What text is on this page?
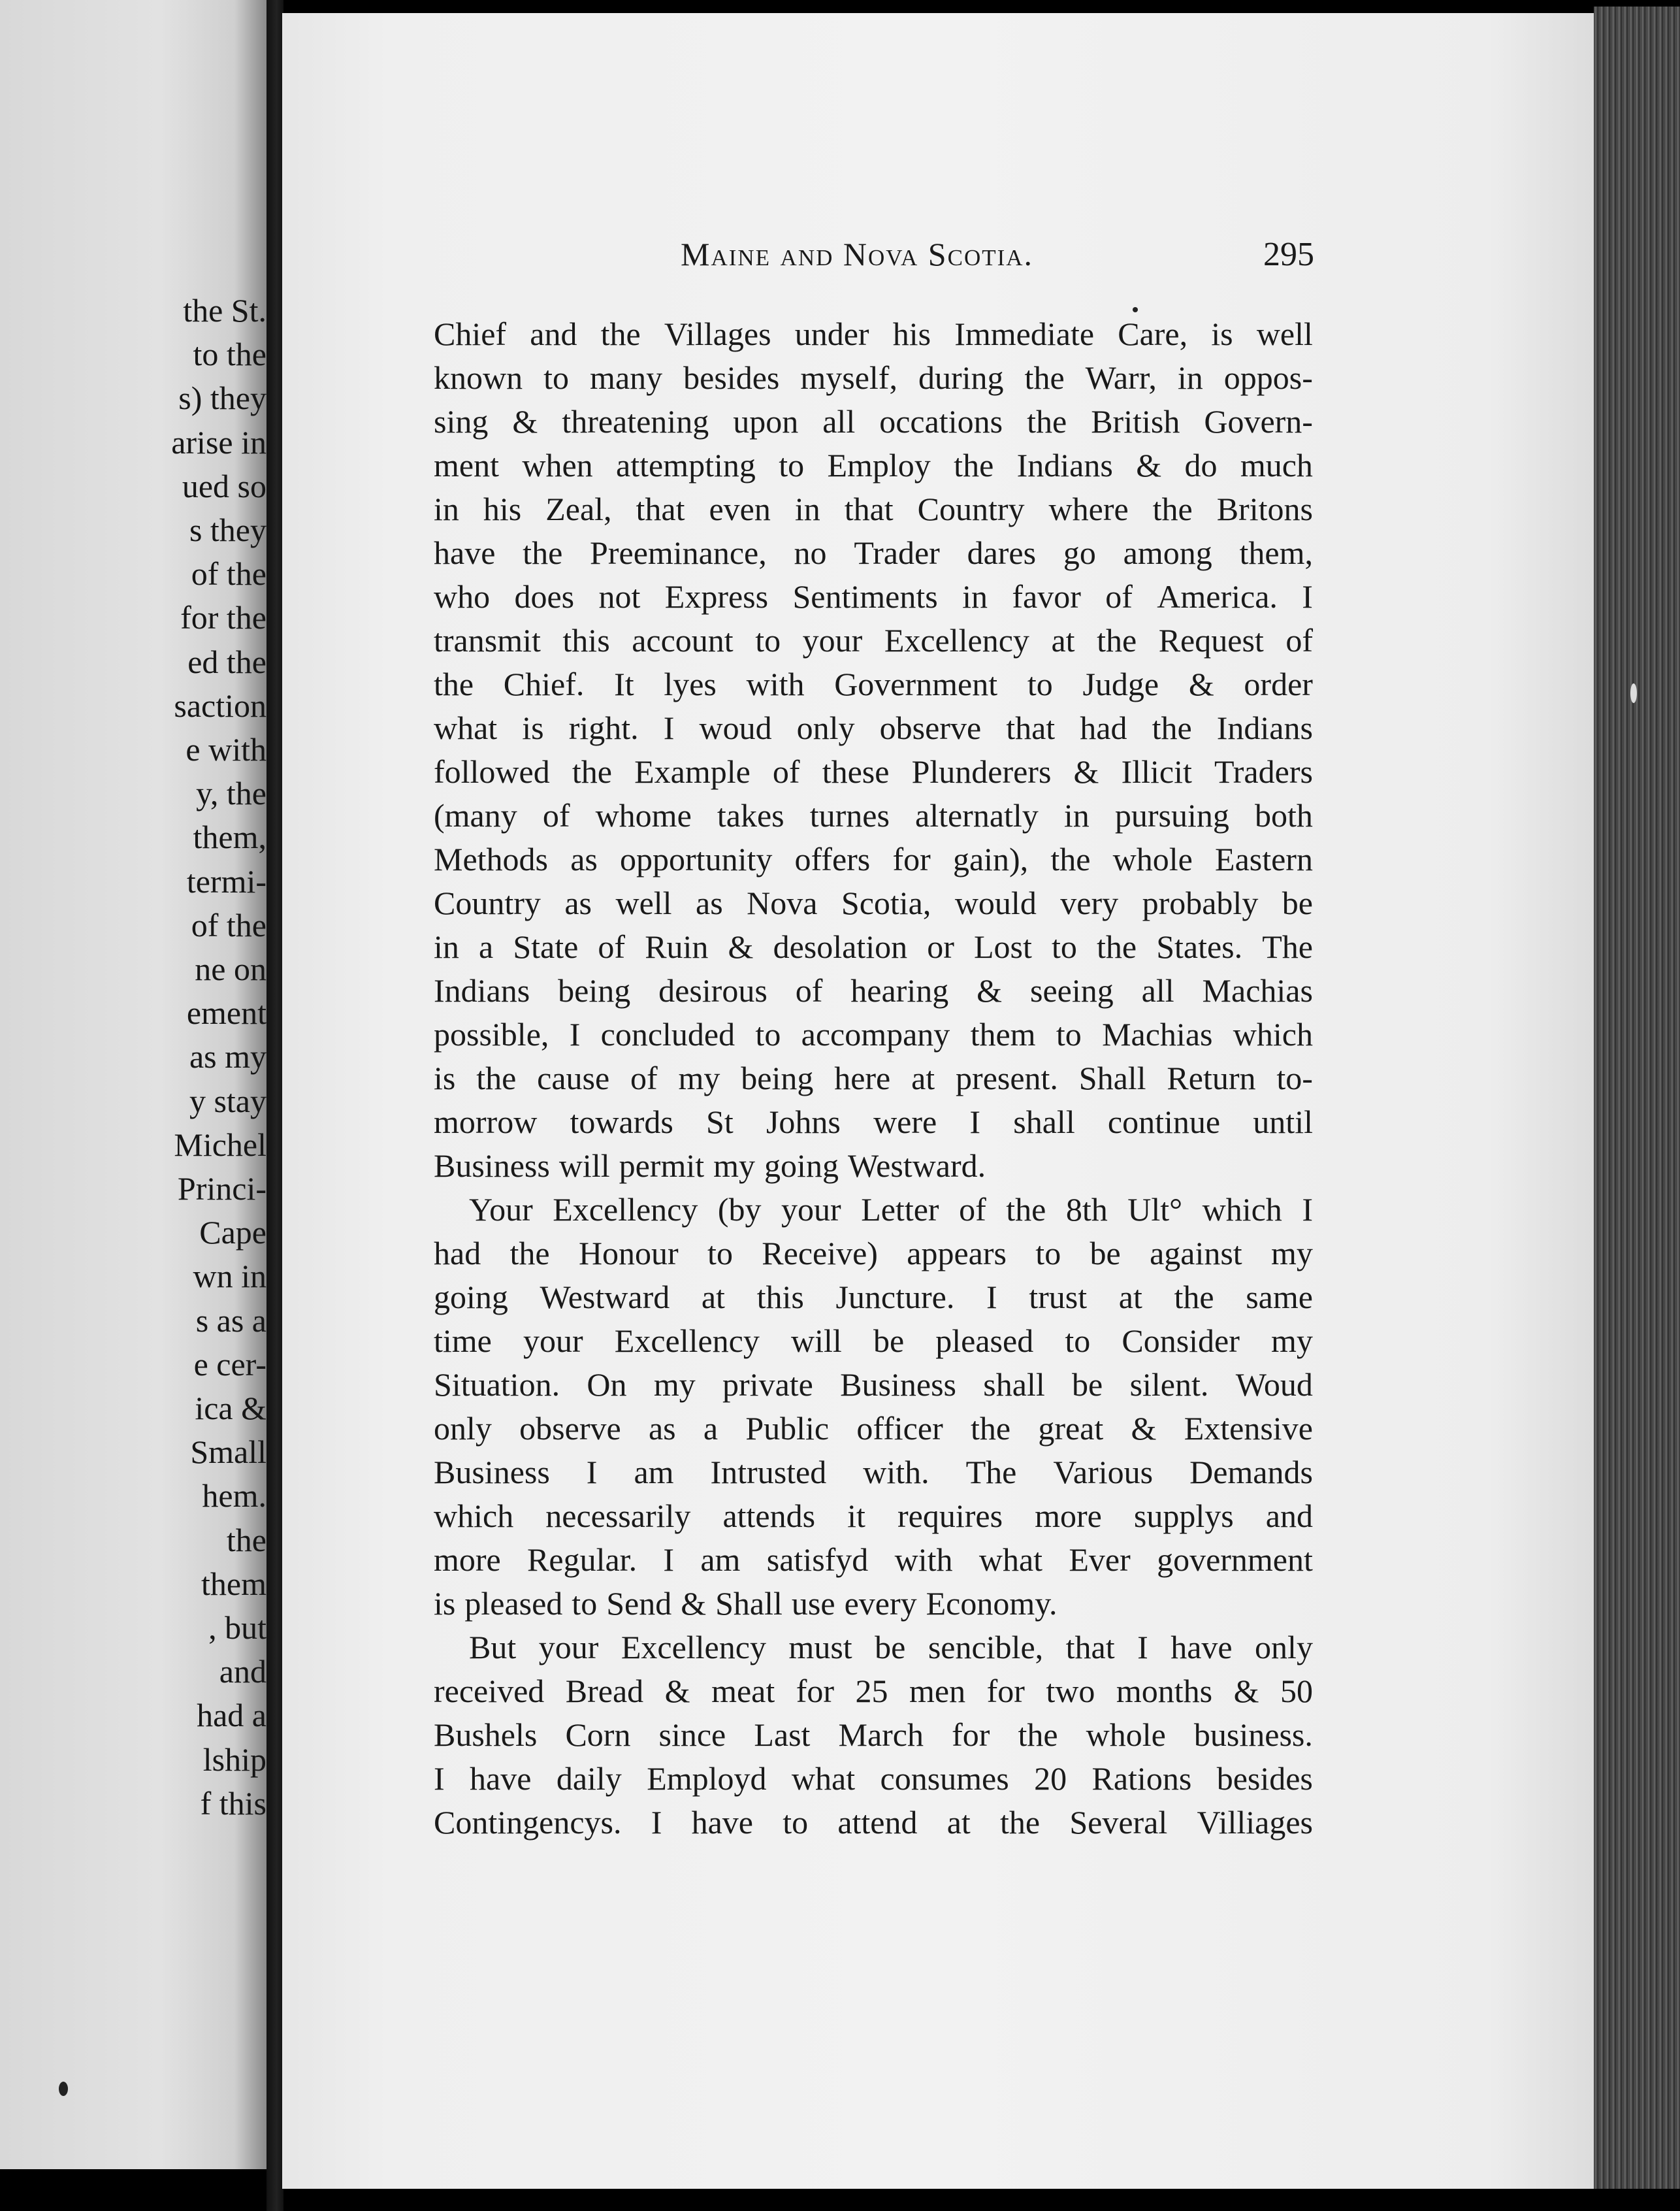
the St.
to the
s) they
arise in
ued so
s they
of the
for the
ed the
saction
e with
y, the
them,
termi-
of the
ne on
ement
as my
y stay
Michel
Princi-
Cape
wn in
s as a
e cer-
ica &
Small
hem.
the
them
, but
and
had a
lship
f this
Maine and Nova Scotia.	295
Chief and the Villages under his Immediate Care, is well
known to many besides myself, during the Warr, in oppos-
sing & threatening upon all occations the British Govern-
ment when attempting to Employ the Indians & do much
in his Zeal, that even in that Country where the Britons
have the Preeminance, no Trader dares go among them,
who does not Express Sentiments in favor of America. I
transmit this account to your Excellency at the Request of
the Chief. It lyes with Government to Judge & order
what is right. I woud only observe that had the Indians
followed the Example of these Plunderers & Illicit Traders
(many of whome takes turnes alternatly in pursuing both
Methods as opportunity offers for gain), the whole Eastern
Country as well as Nova Scotia, would very probably be
in a State of Ruin & desolation or Lost to the States. The
Indians being desirous of hearing & seeing all Machias
possible, I concluded to accompany them to Machias which
is the cause of my being here at present. Shall Return to-
morrow towards St Johns were I shall continue until
Business will permit my going Westward.
Your Excellency (by your Letter of the 8th Ult° which I
had the Honour to Receive) appears to be against my
going Westward at this Juncture. I trust at the same
time your Excellency will be pleased to Consider my
Situation. On my private Business shall be silent. Woud
only observe as a Public officer the great & Extensive
Business I am Intrusted with. The Various Demands
which necessarily attends it requires more supplys and
more Regular. I am satisfyd with what Ever government
is pleased to Send & Shall use every Economy.
But your Excellency must be sencible, that I have only
received Bread & meat for 25 men for two months & 50
Bushels Corn since Last March for the whole business.
I have daily Employd what consumes 20 Rations besides
Contingencys. I have to attend at the Several Villiages
